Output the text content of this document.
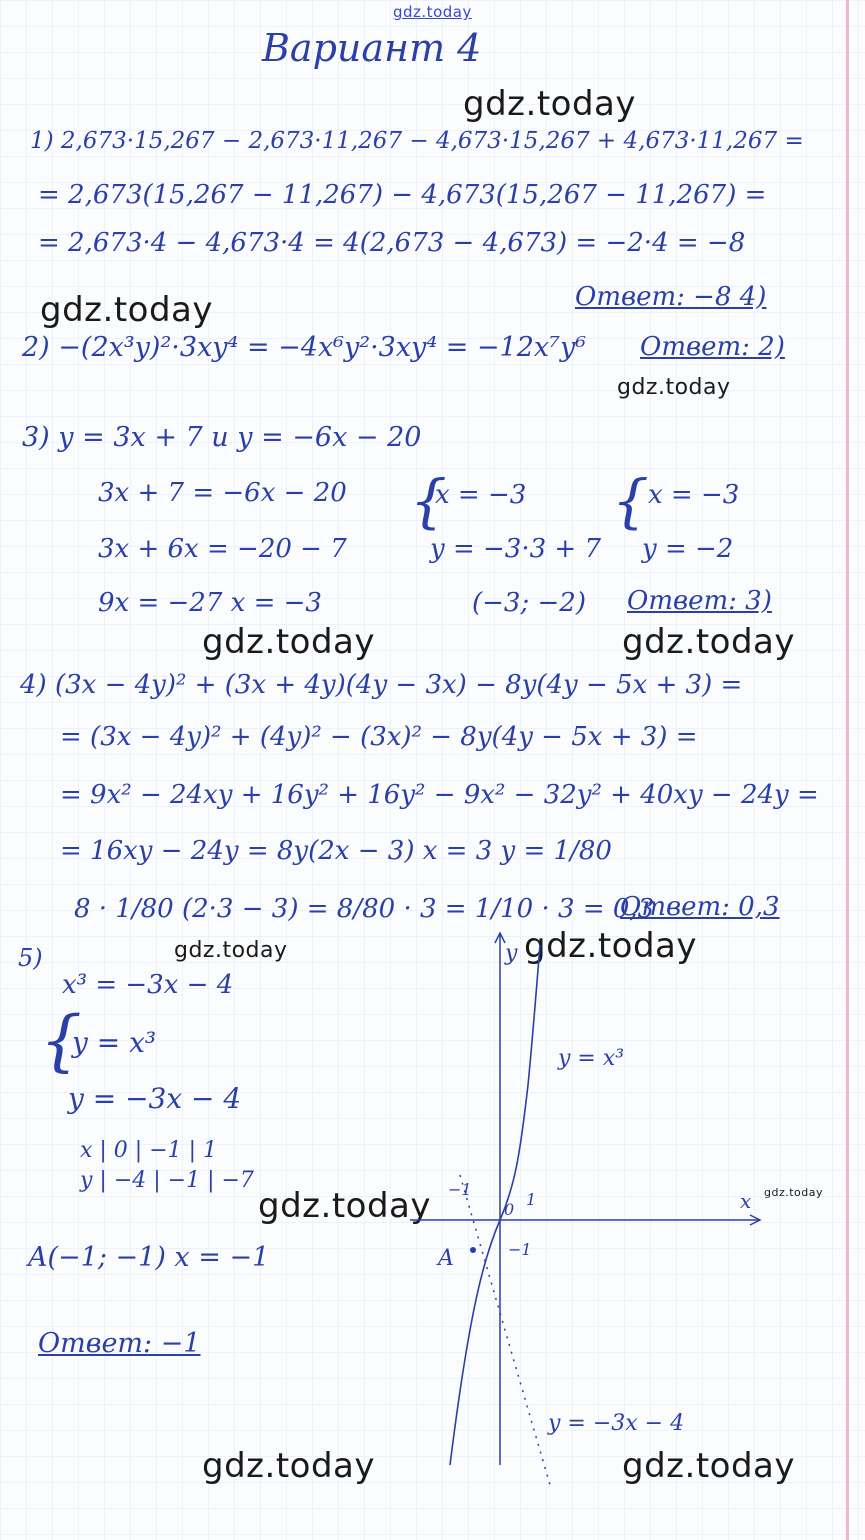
gdz.today
Вариант 4
gdz.today
1) 2,673·15,267 − 2,673·11,267 − 4,673·15,267 + 4,673·11,267 =
= 2,673(15,267 − 11,267) − 4,673(15,267 − 11,267) =
= 2,673·4 − 4,673·4 = 4(2,673 − 4,673) = −2·4 = −8
gdz.today	Ответ: −8 4)
2) −(2x³y)²·3xy⁴ = −4x⁶y²·3xy⁴ = −12x⁷y⁶ Ответ: 2)
gdz.today
3) y = 3x + 7 и y = −6x − 20
3x + 7 = −6x − 20
3x + 6x = −20 − 7
9x = −27 x = −3
{
x = −3
y = −3·3 + 7
{ x = −3
y = −2
(−3; −2) Ответ: 3)
gdz.today	gdz.today
4) (3x − 4y)² + (3x + 4y)(4y − 3x) − 8y(4y − 5x + 3) =
= (3x − 4y)² + (4y)² − (3x)² − 8y(4y − 5x + 3) =
= 9x² − 24xy + 16y² + 16y² − 9x² − 32y² + 40xy − 24y =
= 16xy − 24y = 8y(2x − 3) x = 3 y = 1/80
8 · 1/80 (2·3 − 3) = 8/80 · 3 = 1/10 · 3 = 0,3
Ответ: 0,3
gdz.today	gdz.today
5)
x³ = −3x − 4
{
y = x³
y = −3x − 4
x | 0 | −1 | 1
y | −4 | −1 | −7
gdz.today	gdz.today
A(−1; −1) x = −1
Ответ: −1
y
x
y = x³
y = −3x − 4
A
−1
0
1
−1
gdz.today	gdz.today
